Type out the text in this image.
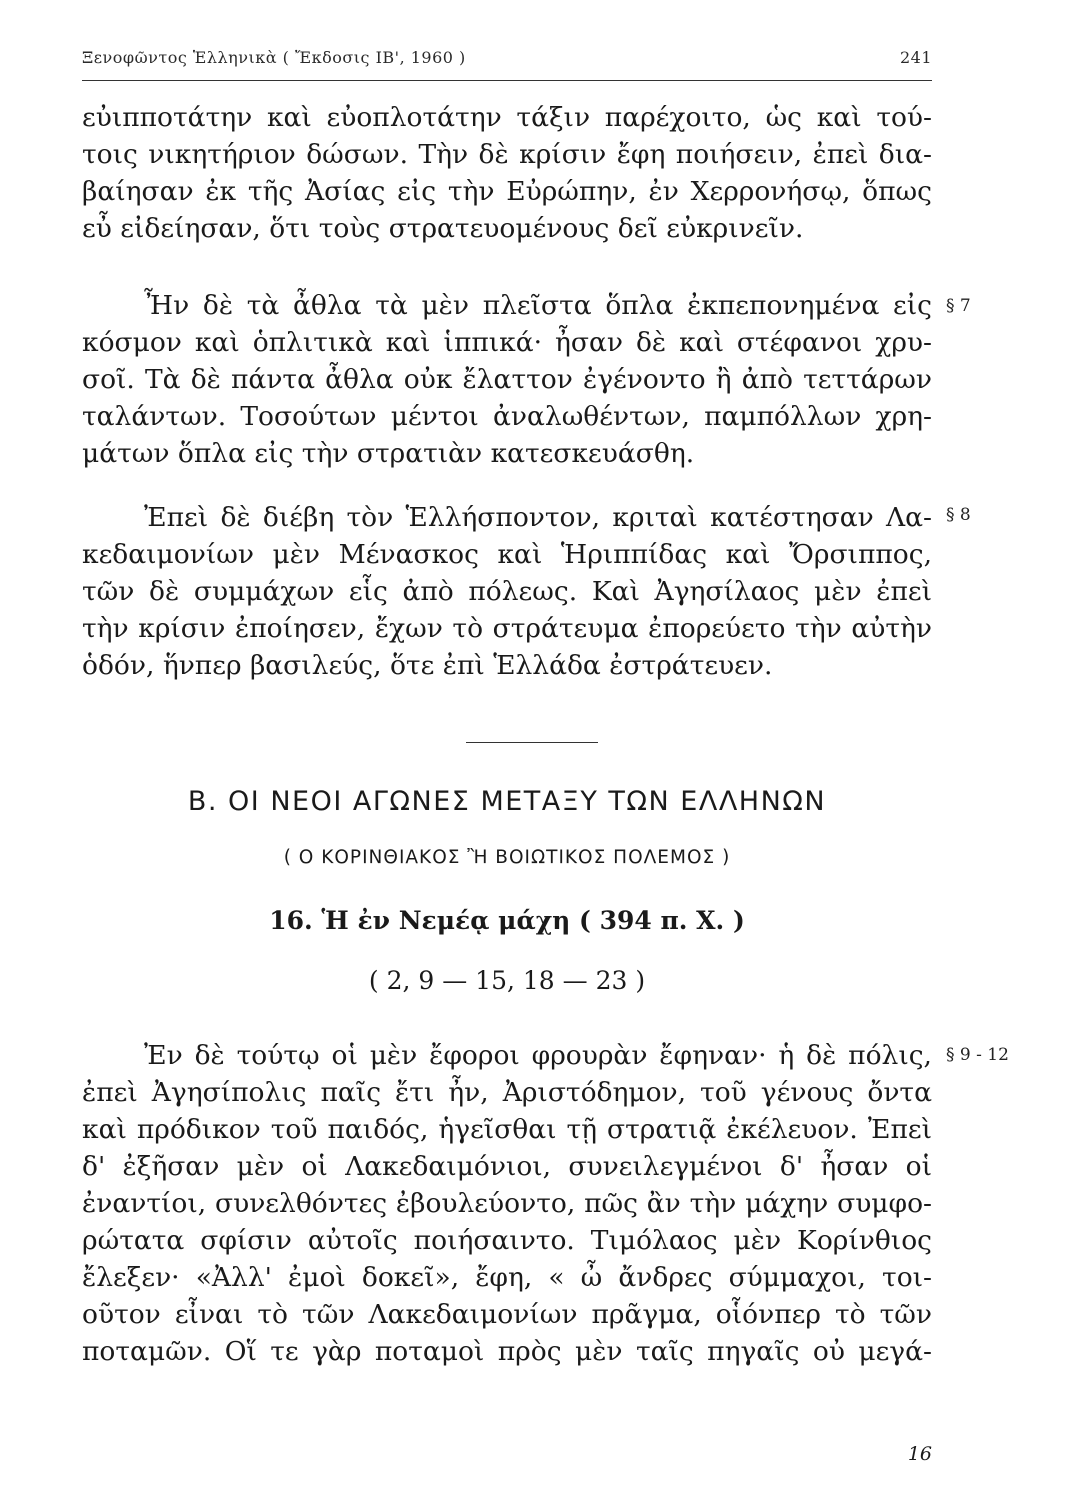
Ξενοφῶντος Ἑλληνικὰ ( Ἔκδοσις ΙΒ', 1960 )	241
εὐιπποτάτην καὶ εὐοπλοτάτην τάξιν παρέχοιτο, ὡς καὶ τού-
τοις νικητήριον δώσων. Τὴν δὲ κρίσιν ἔφη ποιήσειν, ἐπεὶ δια-
βαίησαν ἐκ τῆς Ἀσίας εἰς τὴν Εὐρώπην, ἐν Χερρονήσῳ, ὅπως
εὖ εἰδείησαν, ὅτι τοὺς στρατευομένους δεῖ εὐκρινεῖν.
Ἦν δὲ τὰ ἆθλα τὰ μὲν πλεῖστα ὅπλα ἐκπεπονημένα εἰς
κόσμον καὶ ὁπλιτικὰ καὶ ἱππικά· ἦσαν δὲ καὶ στέφανοι χρυ-
σοῖ. Τὰ δὲ πάντα ἆθλα οὐκ ἔλαττον ἐγένοντο ἢ ἀπὸ τεττάρων
ταλάντων. Τοσούτων μέντοι ἀναλωθέντων, παμπόλλων χρη-
μάτων ὅπλα εἰς τὴν στρατιὰν κατεσκευάσθη.
§ 7
Ἐπεὶ δὲ διέβη τὸν Ἑλλήσποντον, κριταὶ κατέστησαν Λα-
κεδαιμονίων μὲν Μένασκος καὶ Ἡριππίδας καὶ Ὄρσιππος,
τῶν δὲ συμμάχων εἷς ἀπὸ πόλεως. Καὶ Ἀγησίλαος μὲν ἐπεὶ
τὴν κρίσιν ἐποίησεν, ἔχων τὸ στράτευμα ἐπορεύετο τὴν αὐτὴν
ὁδόν, ἥνπερ βασιλεύς, ὅτε ἐπὶ Ἑλλάδα ἐστράτευεν.
§ 8
Β. ΟΙ ΝΕΟΙ ΑΓΩΝΕΣ ΜΕΤΑΞΥ ΤΩΝ ΕΛΛΗΝΩΝ
( Ο ΚΟΡΙΝΘΙΑΚΟΣ Ἢ ΒΟΙΩΤΙΚΟΣ ΠΟΛΕΜΟΣ )
16. Ἡ ἐν Νεμέᾳ μάχη ( 394 π. Χ. )
( 2, 9 — 15, 18 — 23 )
Ἐν δὲ τούτῳ οἱ μὲν ἔφοροι φρουρὰν ἔφηναν· ἡ δὲ πόλις,
ἐπεὶ Ἀγησίπολις παῖς ἔτι ἦν, Ἀριστόδημον, τοῦ γένους ὄντα
καὶ πρόδικον τοῦ παιδός, ἡγεῖσθαι τῇ στρατιᾷ ἐκέλευον. Ἐπεὶ
δ' ἐξῆσαν μὲν οἱ Λακεδαιμόνιοι, συνειλεγμένοι δ' ἦσαν οἱ
ἐναντίοι, συνελθόντες ἐβουλεύοντο, πῶς ἂν τὴν μάχην συμφο-
ρώτατα σφίσιν αὐτοῖς ποιήσαιντο. Τιμόλαος μὲν Κορίνθιος
ἔλεξεν· «Ἀλλ' ἐμοὶ δοκεῖ», ἔφη, « ὦ ἄνδρες σύμμαχοι, τοι-
οῦτον εἶναι τὸ τῶν Λακεδαιμονίων πρᾶγμα, οἷόνπερ τὸ τῶν
ποταμῶν. Οἵ τε γὰρ ποταμοὶ πρὸς μὲν ταῖς πηγαῖς οὐ μεγά-
§ 9 - 12
16
